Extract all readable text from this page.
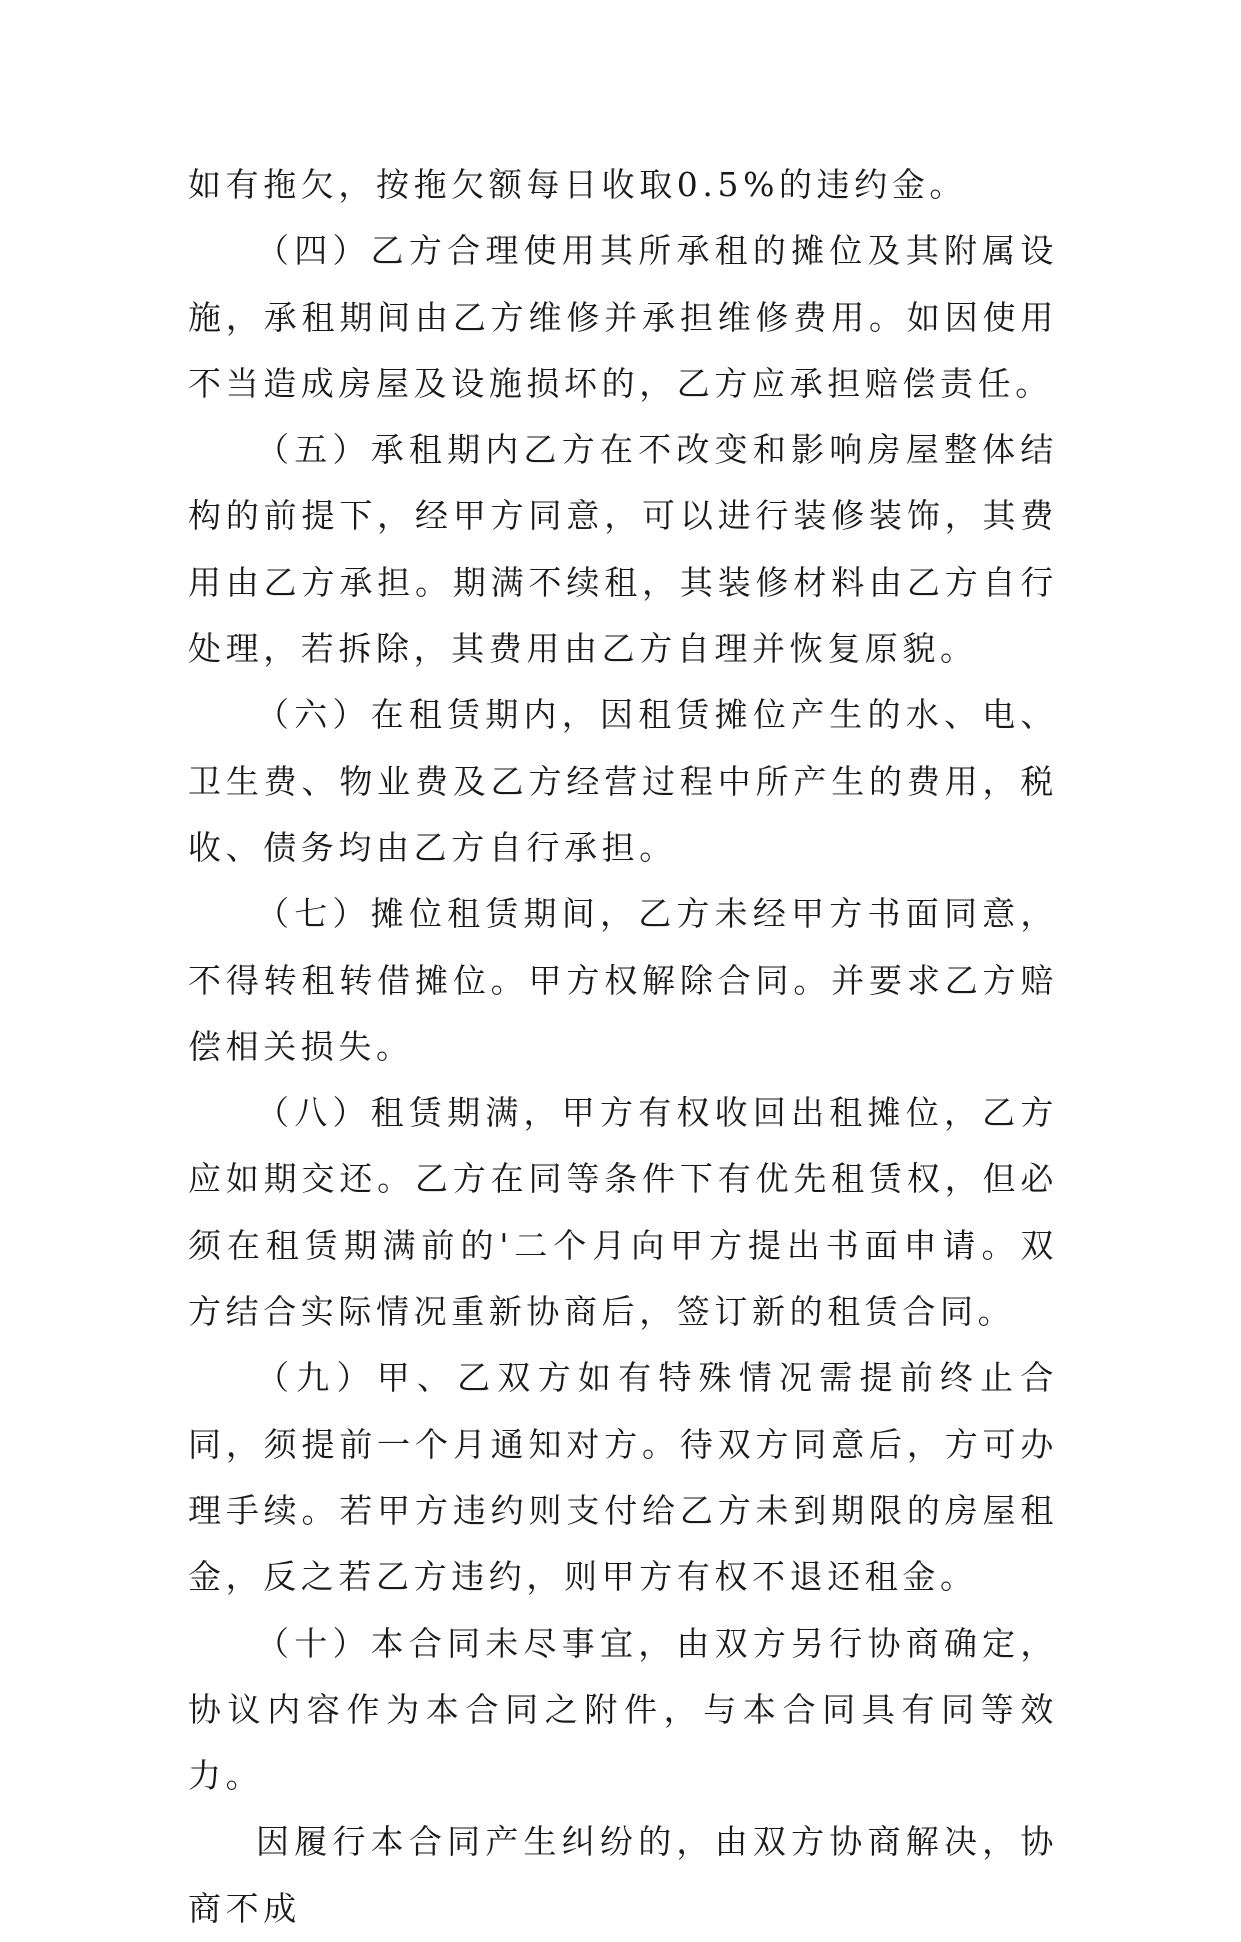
如有拖欠，按拖欠额每日收取0.5%的违约金。

（四）乙方合理使用其所承租的摊位及其附属设施，承租期间由乙方维修并承担维修费用。如因使用不当造成房屋及设施损坏的，乙方应承担赔偿责任。

（五）承租期内乙方在不改变和影响房屋整体结构的前提下，经甲方同意，可以进行装修装饰，其费用由乙方承担。期满不续租，其装修材料由乙方自行处理，若拆除，其费用由乙方自理并恢复原貌。

（六）在租赁期内，因租赁摊位产生的水、电、卫生费、物业费及乙方经营过程中所产生的费用，税收、债务均由乙方自行承担。

（七）摊位租赁期间，乙方未经甲方书面同意，不得转租转借摊位。甲方权解除合同。并要求乙方赔偿相关损失。

（八）租赁期满，甲方有权收回出租摊位，乙方应如期交还。乙方在同等条件下有优先租赁权，但必须在租赁期满前的'二个月向甲方提出书面申请。双方结合实际情况重新协商后，签订新的租赁合同。

（九）甲、乙双方如有特殊情况需提前终止合同，须提前一个月通知对方。待双方同意后，方可办理手续。若甲方违约则支付给乙方未到期限的房屋租金，反之若乙方违约，则甲方有权不退还租金。

（十）本合同未尽事宜，由双方另行协商确定，协议内容作为本合同之附件，与本合同具有同等效力。

因履行本合同产生纠纷的，由双方协商解决，协商不成
